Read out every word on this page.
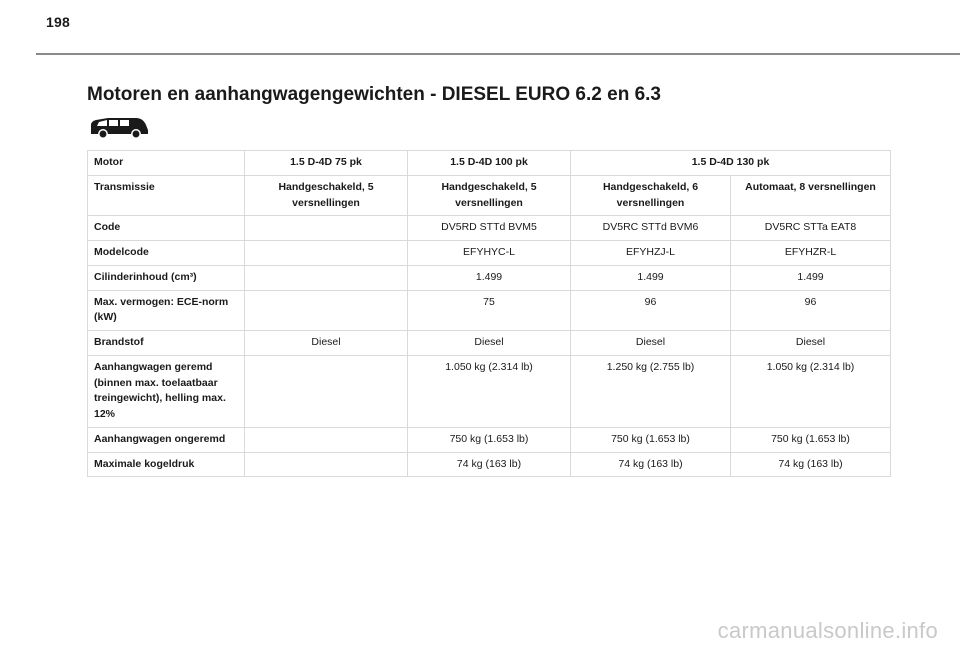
198
Motoren en aanhangwagengewichten - DIESEL EURO 6.2 en 6.3
Motor	1.5 D-4D 75 pk	1.5 D-4D 100 pk	1.5 D-4D 130 pk	
Transmissie	Handgeschakeld, 5 versnellingen	Handgeschakeld, 5 versnellingen	Handgeschakeld, 6 versnellingen	Automaat, 8 versnellingen
Code		DV5RD STTd BVM5	DV5RC STTd BVM6	DV5RC STTa EAT8
Modelcode		EFYHYC-L	EFYHZJ-L	EFYHZR-L
Cilinderinhoud (cm³)		1.499	1.499	1.499
Max. vermogen: ECE-norm (kW)		75	96	96
Brandstof	Diesel	Diesel	Diesel	Diesel
Aanhangwagen geremd (binnen max. toelaatbaar treingewicht), helling max. 12%		1.050 kg (2.314 lb)	1.250 kg (2.755 lb)	1.050 kg (2.314 lb)
Aanhangwagen ongeremd		750 kg (1.653 lb)	750 kg (1.653 lb)	750 kg (1.653 lb)
Maximale kogeldruk		74 kg (163 lb)	74 kg (163 lb)	74 kg (163 lb)
carmanualsonline.info
